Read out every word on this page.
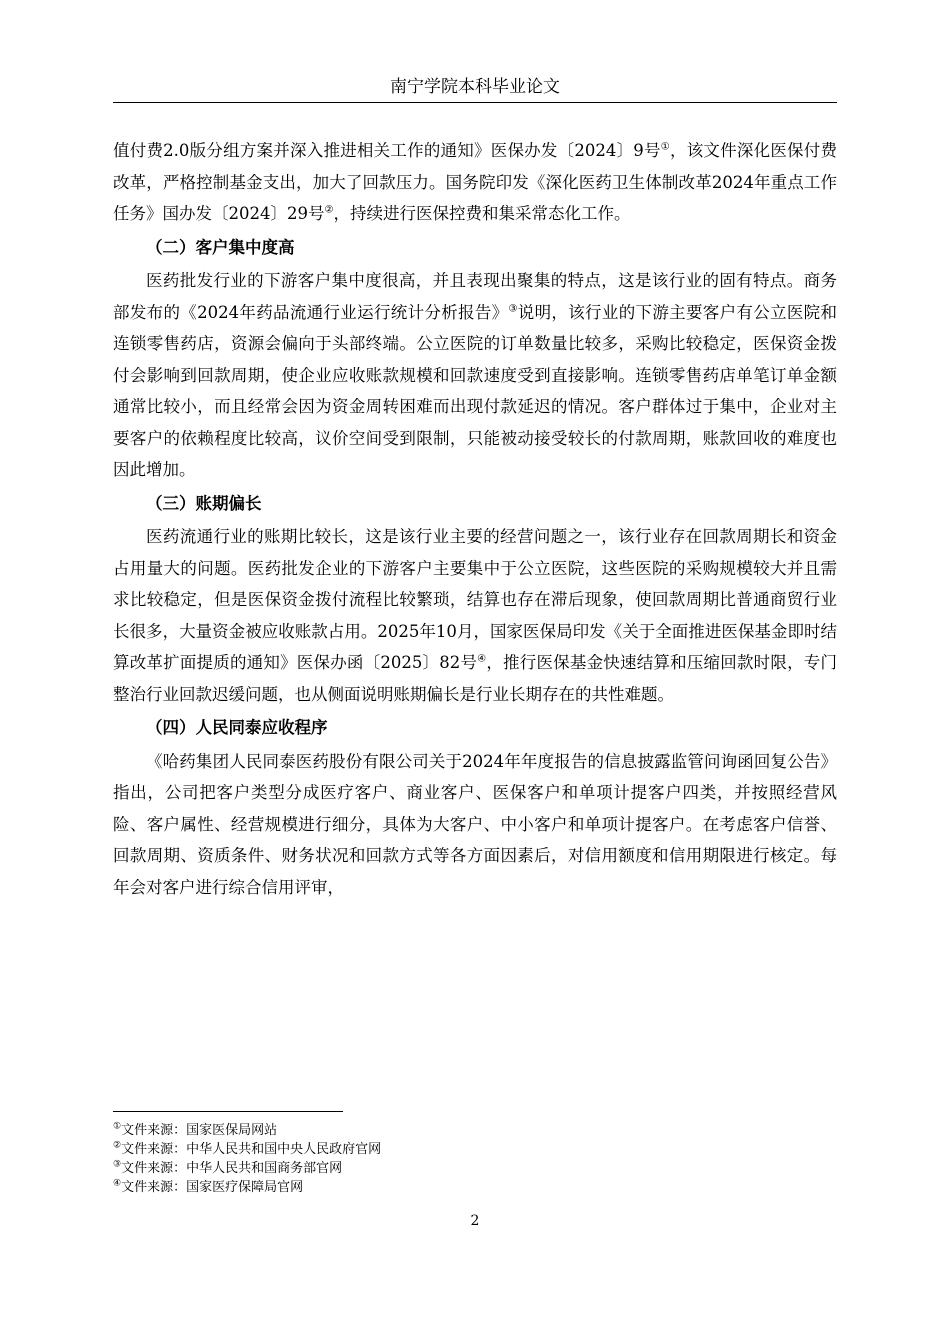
南宁学院本科毕业论文

值付费2.0版分组方案并深入推进相关工作的通知》医保办发〔2024〕9号①，该文件深化医保付费改革，严格控制基金支出，加大了回款压力。国务院印发《深化医药卫生体制改革2024年重点工作任务》国办发〔2024〕29号②，持续进行医保控费和集采常态化工作。

（二）客户集中度高

医药批发行业的下游客户集中度很高，并且表现出聚集的特点，这是该行业的固有特点。商务部发布的《2024年药品流通行业运行统计分析报告》③说明，该行业的下游主要客户有公立医院和连锁零售药店，资源会偏向于头部终端。公立医院的订单数量比较多，采购比较稳定，医保资金拨付会影响到回款周期，使企业应收账款规模和回款速度受到直接影响。连锁零售药店单笔订单金额通常比较小，而且经常会因为资金周转困难而出现付款延迟的情况。客户群体过于集中，企业对主要客户的依赖程度比较高，议价空间受到限制，只能被动接受较长的付款周期，账款回收的难度也因此增加。

（三）账期偏长

医药流通行业的账期比较长，这是该行业主要的经营问题之一，该行业存在回款周期长和资金占用量大的问题。医药批发企业的下游客户主要集中于公立医院，这些医院的采购规模较大并且需求比较稳定，但是医保资金拨付流程比较繁琐，结算也存在滞后现象，使回款周期比普通商贸行业长很多，大量资金被应收账款占用。2025年10月，国家医保局印发《关于全面推进医保基金即时结算改革扩面提质的通知》医保办函〔2025〕82号④，推行医保基金快速结算和压缩回款时限，专门整治行业回款迟缓问题，也从侧面说明账期偏长是行业长期存在的共性难题。

（四）人民同泰应收程序

《哈药集团人民同泰医药股份有限公司关于2024年年度报告的信息披露监管问询函回复公告》指出，公司把客户类型分成医疗客户、商业客户、医保客户和单项计提客户四类，并按照经营风险、客户属性、经营规模进行细分，具体为大客户、中小客户和单项计提客户。在考虑客户信誉、回款周期、资质条件、财务状况和回款方式等各方面因素后，对信用额度和信用期限进行核定。每年会对客户进行综合信用评审，

①文件来源：国家医保局网站
②文件来源：中华人民共和国中央人民政府官网
③文件来源：中华人民共和国商务部官网
④文件来源：国家医疗保障局官网
2
